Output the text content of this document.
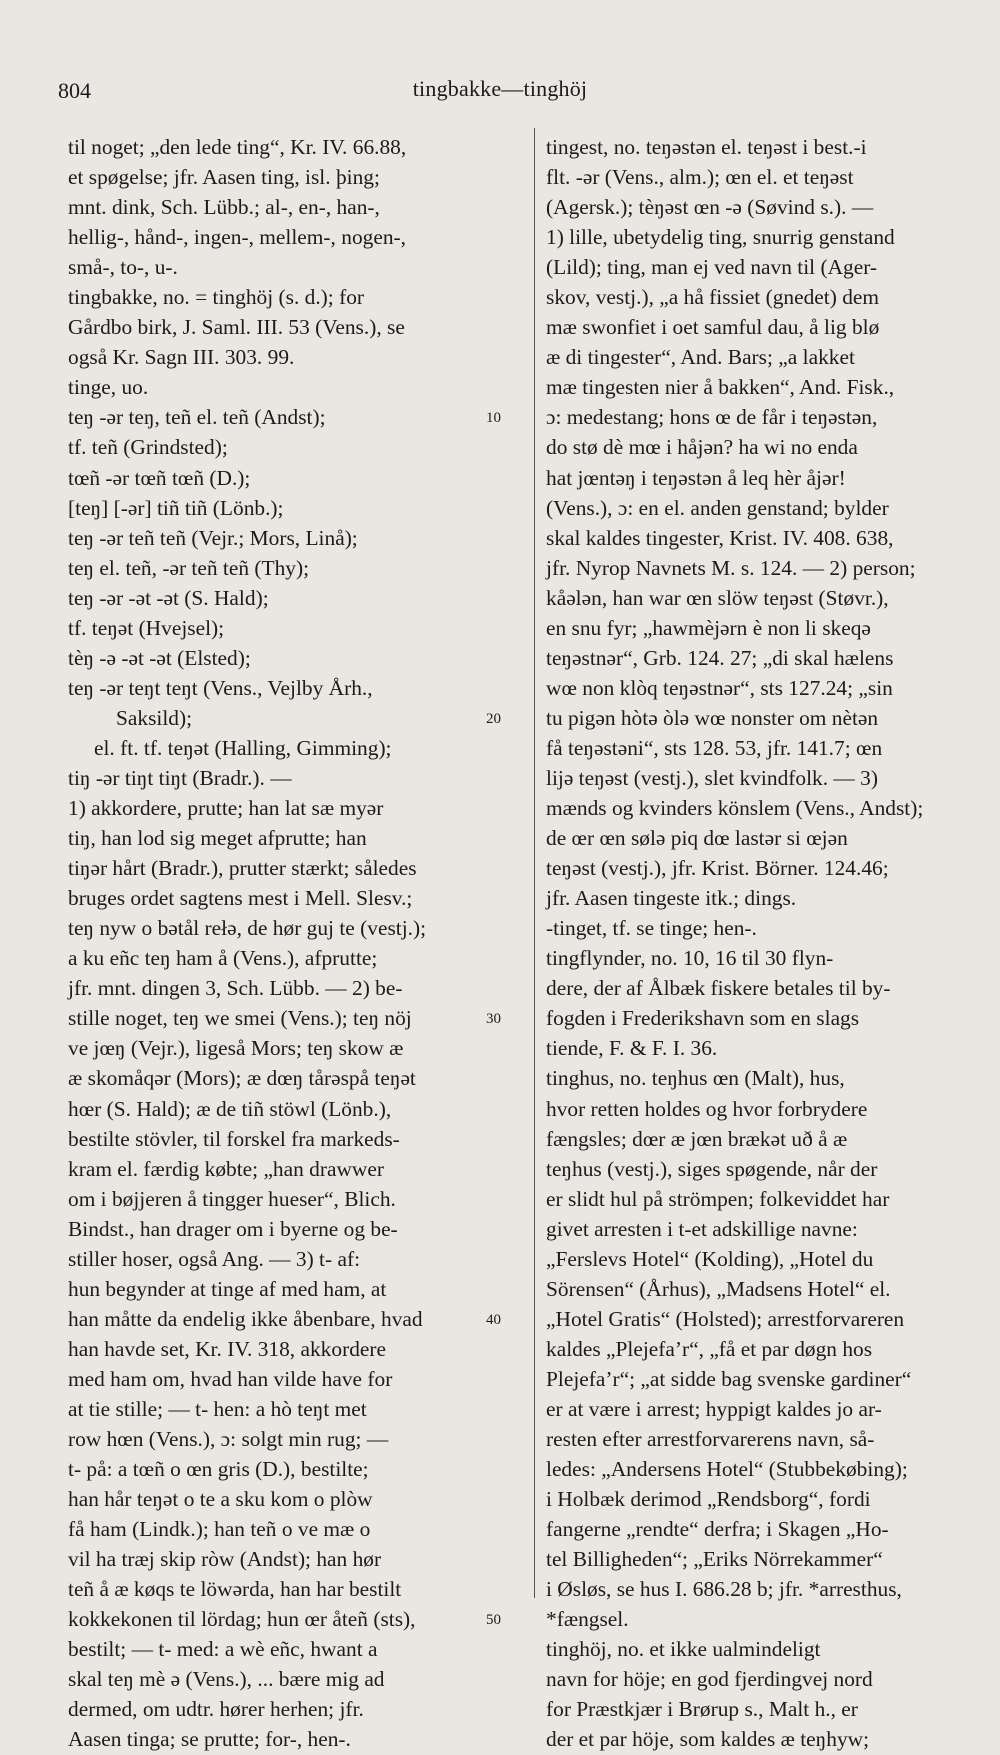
804	tingbakke—tinghöj
til noget; „den lede ting“, Kr. IV. 66.88,
et spøgelse; jfr. Aasen ting, isl. þing;
mnt. dink, Sch. Lübb.; al-, en-, han-,
hellig-, hånd-, ingen-, mellem-, nogen-,
små-, to-, u-.
tingbakke, no. = tinghöj (s. d.); for
Gårdbo birk, J. Saml. III. 53 (Vens.), se
også Kr. Sagn III. 303. 99.
tinge, uo.
teŋ -ər teŋ, teñ el. teñ (Andst);
tf. teñ (Grindsted);
tœñ -ər tœñ tœñ (D.);
[teŋ] [-ər] tiñ tiñ (Lönb.);
teŋ -ər teñ teñ (Vejr.; Mors, Linå);
teŋ el. teñ, -ər teñ teñ (Thy);
teŋ -ər -ət -ət (S. Hald);
tf. teŋət (Hvejsel);
tèŋ -ə -ət -ət (Elsted);
teŋ -ər teŋt teŋt (Vens., Vejlby Årh.,
Saksild);
el. ft. tf. teŋət (Halling, Gimming);
tiŋ -ər tiŋt tiŋt (Bradr.). —
1) akkordere, prutte; han lat sæ myər
tiŋ, han lod sig meget afprutte; han
tiŋər hårt (Bradr.), prutter stærkt; således
bruges ordet sagtens mest i Mell. Slesv.;
teŋ nyw o bətål rełə, de hør guj te (vestj.);
a ku eñc teŋ ham å (Vens.), afprutte;
jfr. mnt. dingen 3, Sch. Lübb. — 2) be-
stille noget, teŋ we smei (Vens.); teŋ nöj
ve jœŋ (Vejr.), ligeså Mors; teŋ skow æ
æ skomåqər (Mors); æ dœŋ tårəspå teŋət
hœr (S. Hald); æ de tiñ stöwl (Lönb.),
bestilte stövler, til forskel fra markeds-
kram el. færdig købte; „han drawwer
om i bøjjeren å tingger hueser“, Blich.
Bindst., han drager om i byerne og be-
stiller hoser, også Ang. — 3) t- af:
hun begynder at tinge af med ham, at
han måtte da endelig ikke åbenbare, hvad
han havde set, Kr. IV. 318, akkordere
med ham om, hvad han vilde have for
at tie stille; — t- hen: a hò teŋt met
row hœn (Vens.), ɔ: solgt min rug; —
t- på: a tœñ o œn gris (D.), bestilte;
han hår teŋət o te a sku kom o plòw
få ham (Lindk.); han teñ o ve mæ o
vil ha træj skip ròw (Andst); han hør
teñ å æ køqs te löwərda, han har bestilt
kokkekonen til lördag; hun œr åteñ (sts),
bestilt; — t- med: a wè eñc, hwant a
skal teŋ mè ə (Vens.), ... bære mig ad
dermed, om udtr. hører herhen; jfr.
Aasen tinga; se prutte; for-, hen-.
tingest, no. teŋəstən el. teŋəst i best.-i
flt. -ər (Vens., alm.); œn el. et teŋəst
(Agersk.); tèŋəst œn -ə (Søvind s.). —
1) lille, ubetydelig ting, snurrig genstand
(Lild); ting, man ej ved navn til (Ager-
skov, vestj.), „a hå fissiet (gnedet) dem
mæ swonfiet i oet samful dau, å lig blø
æ di tingester“, And. Bars; „a lakket
mæ tingesten nier å bakken“, And. Fisk.,
ɔ: medestang; hons œ de får i teŋəstən,
do stø dè mœ i håjən? ha wi no enda
hat jœntəŋ i teŋəstən å leq hèr åjər!
(Vens.), ɔ: en el. anden genstand; bylder
skal kaldes tingester, Krist. IV. 408. 638,
jfr. Nyrop Navnets M. s. 124. — 2) person;
kåələn, han war œn slöw teŋəst (Støvr.),
en snu fyr; „hawmèjərn è non li skeqə
teŋəstnər“, Grb. 124. 27; „di skal hælens
wœ non klòq teŋəstnər“, sts 127.24; „sin
tu pigən hòtə òlə wœ nonster om nètən
få teŋəstəni“, sts 128. 53, jfr. 141.7; œn
lijə teŋəst (vestj.), slet kvindfolk. — 3)
mænds og kvinders könslem (Vens., Andst);
de œr œn sølə piq dœ lastər si œjən
teŋəst (vestj.), jfr. Krist. Börner. 124.46;
jfr. Aasen tingeste itk.; dings.
-tinget, tf. se tinge; hen-.
tingflynder, no. 10, 16 til 30 flyn-
dere, der af Ålbæk fiskere betales til by-
fogden i Frederikshavn som en slags
tiende, F. & F. I. 36.
tinghus, no. teŋhus œn (Malt), hus,
hvor retten holdes og hvor forbrydere
fængsles; dœr æ jœn brækət uð å æ
teŋhus (vestj.), siges spøgende, når der
er slidt hul på strömpen; folkeviddet har
givet arresten i t-et adskillige navne:
„Ferslevs Hotel“ (Kolding), „Hotel du
Sörensen“ (Århus), „Madsens Hotel“ el.
„Hotel Gratis“ (Holsted); arrestforvareren
kaldes „Plejefa’r“, „få et par døgn hos
Plejefa’r“; „at sidde bag svenske gardiner“
er at være i arrest; hyppigt kaldes jo ar-
resten efter arrestforvarerens navn, så-
ledes: „Andersens Hotel“ (Stubbekøbing);
i Holbæk derimod „Rendsborg“, fordi
fangerne „rendte“ derfra; i Skagen „Ho-
tel Billigheden“; „Eriks Nörrekammer“
i Øsløs, se hus I. 686.28 b; jfr. *arresthus,
*fængsel.
tinghöj, no. et ikke ualmindeligt
navn for höje; en god fjerdingvej nord
for Præstkjær i Brørup s., Malt h., er
der et par höje, som kaldes æ teŋhyw;
10
20
30
40
50
